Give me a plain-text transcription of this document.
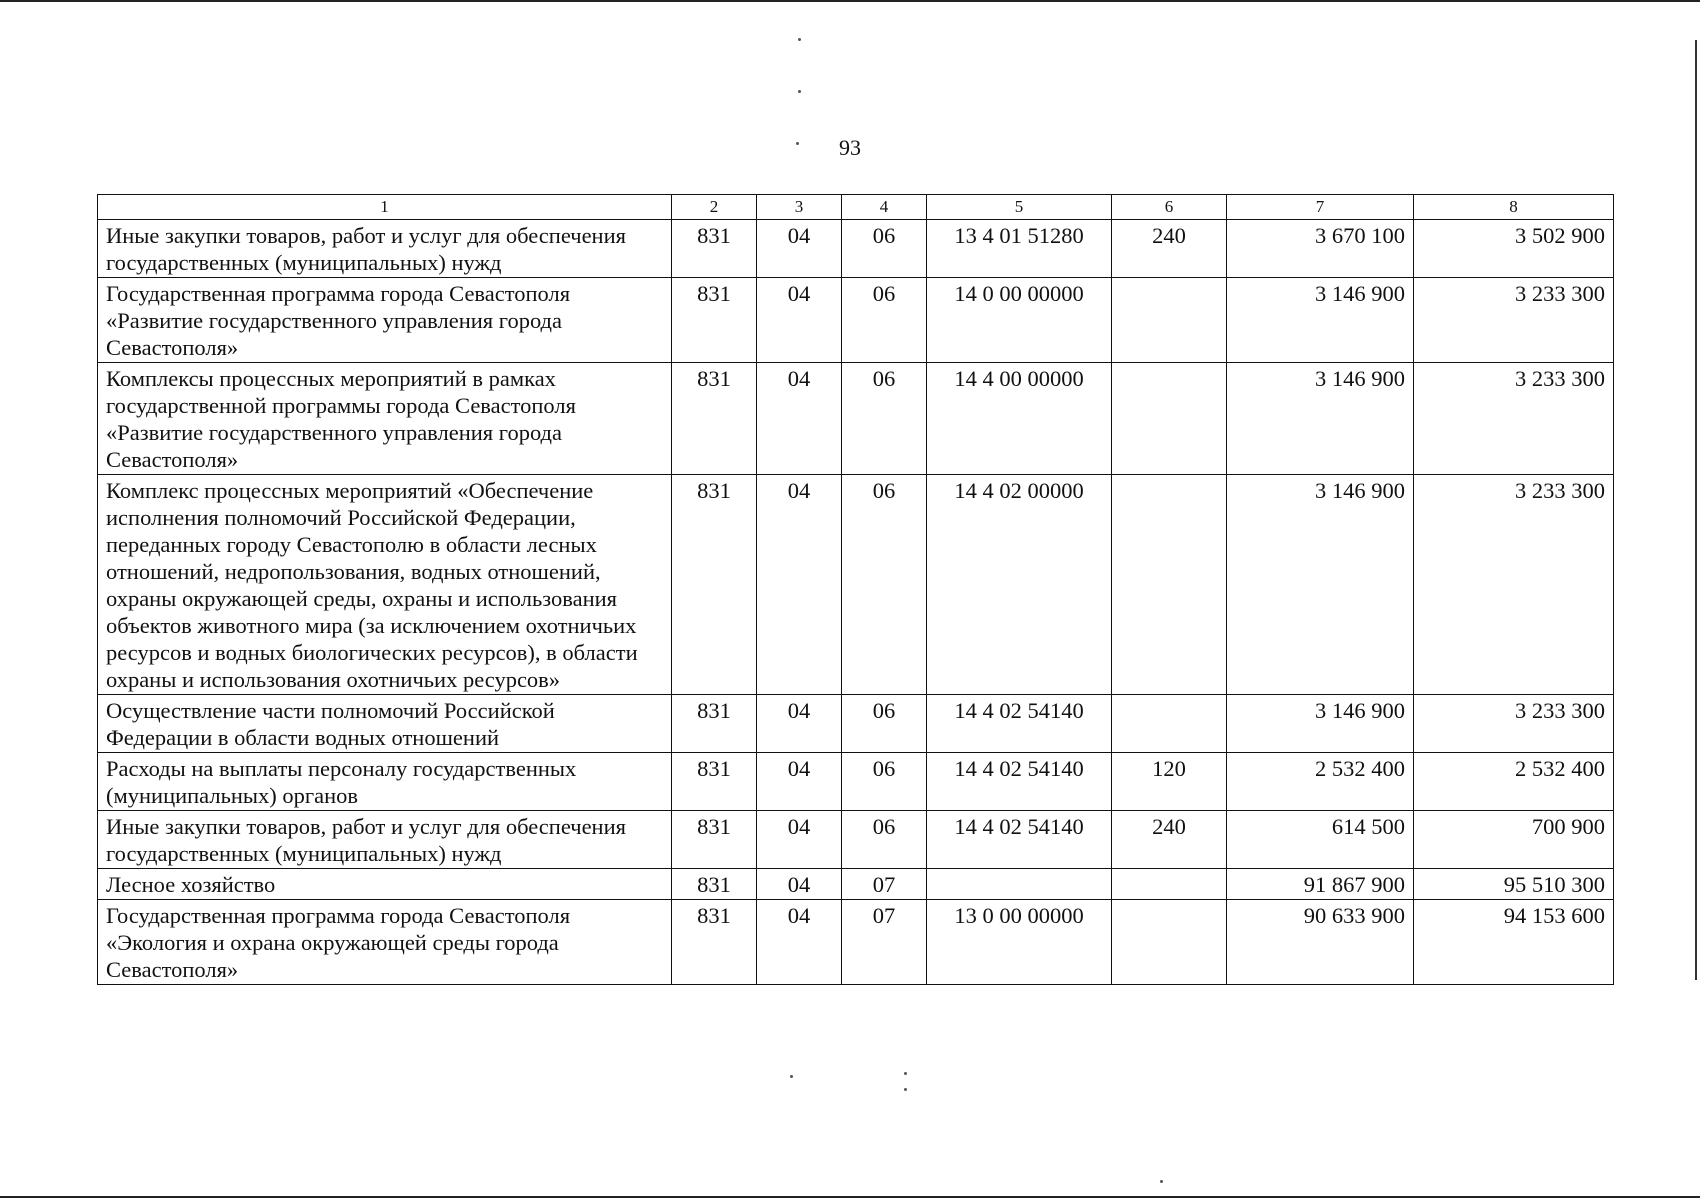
93
1	2	3	4	5	6	7	8
Иные закупки товаров, работ и услуг для обеспечения государственных (муниципальных) нужд	831	04	06	13 4 01 51280	240	3 670 100	3 502 900
Государственная программа города Севастополя «Развитие государственного управления города Севастополя»	831	04	06	14 0 00 00000		3 146 900	3 233 300
Комплексы процессных мероприятий в рамках государственной программы города Севастополя «Развитие государственного управления города Севастополя»	831	04	06	14 4 00 00000		3 146 900	3 233 300
Комплекс процессных мероприятий «Обеспечение исполнения полномочий Российской Федерации, переданных городу Севастополю в области лесных отношений, недропользования, водных отношений, охраны окружающей среды, охраны и использования объектов животного мира (за исключением охотничьих ресурсов и водных биологических ресурсов), в области охраны и использования охотничьих ресурсов»	831	04	06	14 4 02 00000		3 146 900	3 233 300
Осуществление части полномочий Российской Федерации в области водных отношений	831	04	06	14 4 02 54140		3 146 900	3 233 300
Расходы на выплаты персоналу государственных (муниципальных) органов	831	04	06	14 4 02 54140	120	2 532 400	2 532 400
Иные закупки товаров, работ и услуг для обеспечения государственных (муниципальных) нужд	831	04	06	14 4 02 54140	240	614 500	700 900
Лесное хозяйство	831	04	07			91 867 900	95 510 300
Государственная программа города Севастополя «Экология и охрана окружающей среды города Севастополя»	831	04	07	13 0 00 00000		90 633 900	94 153 600
